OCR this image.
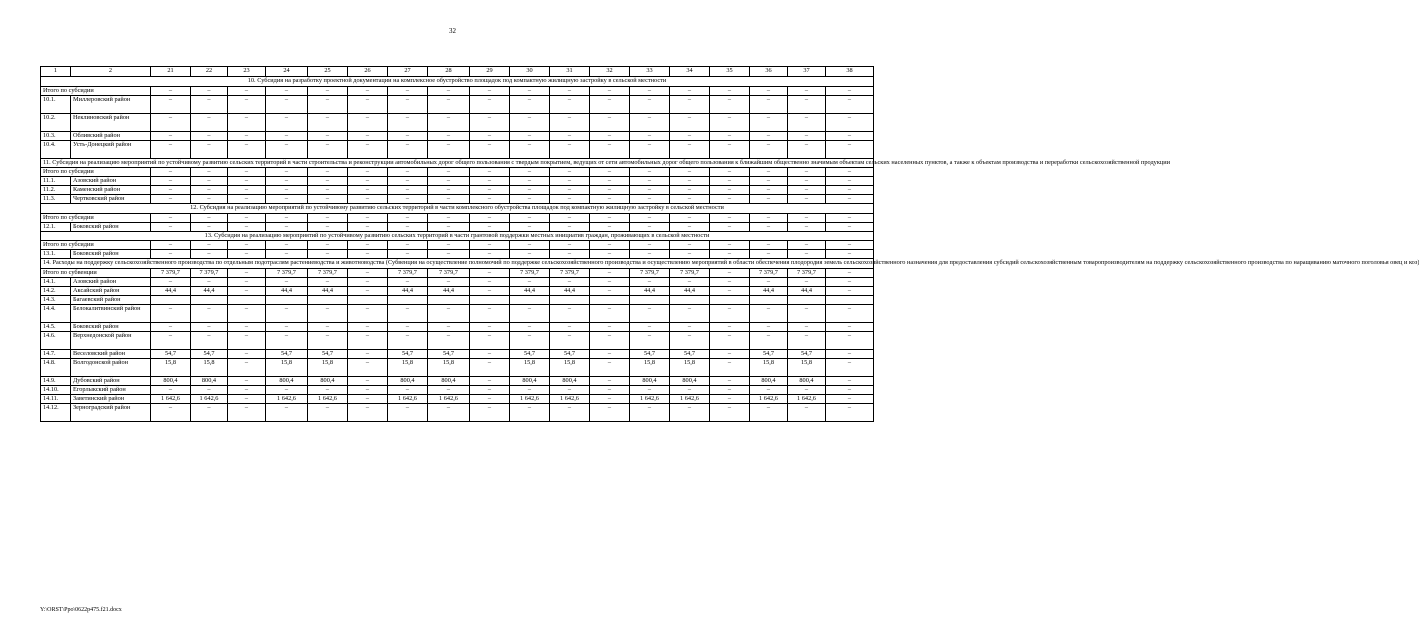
32
1	2	21	22	23	24	25	26	27	28	29	30	31	32	33	34	35	36	37	38
10. Субсидия на разработку проектной документации на комплексное обустройство площадок под компактную жилищную застройку в сельской местности																			
Итого по субсидии		–	–	–	–	–	–	–	–	–	–	–	–	–	–	–	–	–	–
10.1.	Миллеровский район	–	–	–	–	–	–	–	–	–	–	–	–	–	–	–	–	–	–
10.2.	Неклиновский район	–	–	–	–	–	–	–	–	–	–	–	–	–	–	–	–	–	–
10.3.	Обливский район	–	–	–	–	–	–	–	–	–	–	–	–	–	–	–	–	–	–
10.4.	Усть-Донецкий район	–	–	–	–	–	–	–	–	–	–	–	–	–	–	–	–	–	–
11. Субсидия на реализацию мероприятий по устойчивому развитию сельских территорий в части строительства и реконструкции автомобильных дорог общего пользования с твердым покрытием, ведущих от сети автомобильных дорог общего пользования к ближайшим общественно значимым объектам сельских населенных пунктов, а также к объектам производства и переработки сельскохозяйственной продукции																			
Итого по субсидии		–	–	–	–	–	–	–	–	–	–	–	–	–	–	–	–	–	–
11.1.	Азовский район	–	–	–	–	–	–	–	–	–	–	–	–	–	–	–	–	–	–
11.2.	Каменский район	–	–	–	–	–	–	–	–	–	–	–	–	–	–	–	–	–	–
11.3.	Чертковский район	–	–	–	–	–	–	–	–	–	–	–	–	–	–	–	–	–	–
12. Субсидия на реализацию мероприятий по устойчивому развитию сельских территорий в части комплексного обустройства площадок под компактную жилищную застройку в сельской местности																			
Итого по субсидии		–	–	–	–	–	–	–	–	–	–	–	–	–	–	–	–	–	–
12.1.	Боковский район	–	–	–	–	–	–	–	–	–	–	–	–	–	–	–	–	–	–
13. Субсидия на реализацию мероприятий по устойчивому развитию сельских территорий в части грантовой поддержки местных инициатив граждан, проживающих в сельской местности																			
Итого по субсидии		–	–	–	–	–	–	–	–	–	–	–	–	–	–	–	–	–	–
13.1.	Боковский район	–	–	–	–	–	–	–	–	–	–	–	–	–	–	–	–	–	–
14. Расходы на поддержку сельскохозяйственного производства по отдельным подотраслям растениеводства и животноводства (Субвенция на осуществление полномочий по поддержке сельскохозяйственного производства и осуществлению мероприятий в области обеспечения плодородия земель сельскохозяйственного назначения для предоставления субсидий сельскохозяйственным товаропроизводителям на поддержку сельскохозяйственного производства по наращиванию маточного поголовья овец и коз)																			
Итого по субвенции		7 379,7	7 379,7	–	7 379,7	7 379,7	–	7 379,7	7 379,7	–	7 379,7	7 379,7	–	7 379,7	7 379,7	–	7 379,7	7 379,7	–
14.1.	Азовский район	–	–	–	–	–	–	–	–	–	–	–	–	–	–	–	–	–	–
14.2.	Аксайский район	44,4	44,4	–	44,4	44,4	–	44,4	44,4	–	44,4	44,4	–	44,4	44,4	–	44,4	44,4	–
14.3.	Багаевский район																		
14.4.	Белокалитвинский район	–	–	–	–	–	–	–	–	–	–	–	–	–	–	–	–	–	–
14.5.	Боковский район	–	–	–	–	–	–	–	–	–	–	–	–	–	–	–	–	–	–
14.6.	Верхнедонской район	–	–	–	–	–	–	–	–	–	–	–	–	–	–	–	–	–	–
14.7.	Веселовский район	54,7	54,7	–	54,7	54,7	–	54,7	54,7	–	54,7	54,7	–	54,7	54,7	–	54,7	54,7	–
14.8.	Волгодонской район	15,8	15,8	–	15,8	15,8	–	15,8	15,8	–	15,8	15,8	–	15,8	15,8	–	15,8	15,8	–
14.9.	Дубовский район	800,4	800,4	–	800,4	800,4	–	800,4	800,4	–	800,4	800,4	–	800,4	800,4	–	800,4	800,4	–
14.10.	Егорлыкский район	–	–	–	–	–	–	–	–	–	–	–	–	–	–	–	–	–	–
14.11.	Заветинский район	1 642,6	1 642,6	–	1 642,6	1 642,6	–	1 642,6	1 642,6	–	1 642,6	1 642,6	–	1 642,6	1 642,6	–	1 642,6	1 642,6	–
14.12.	Зерноградский район	–	–	–	–	–	–	–	–	–	–	–	–	–	–	–	–	–	–
Y:\ORST\Ppo\0622p475.f21.docx
